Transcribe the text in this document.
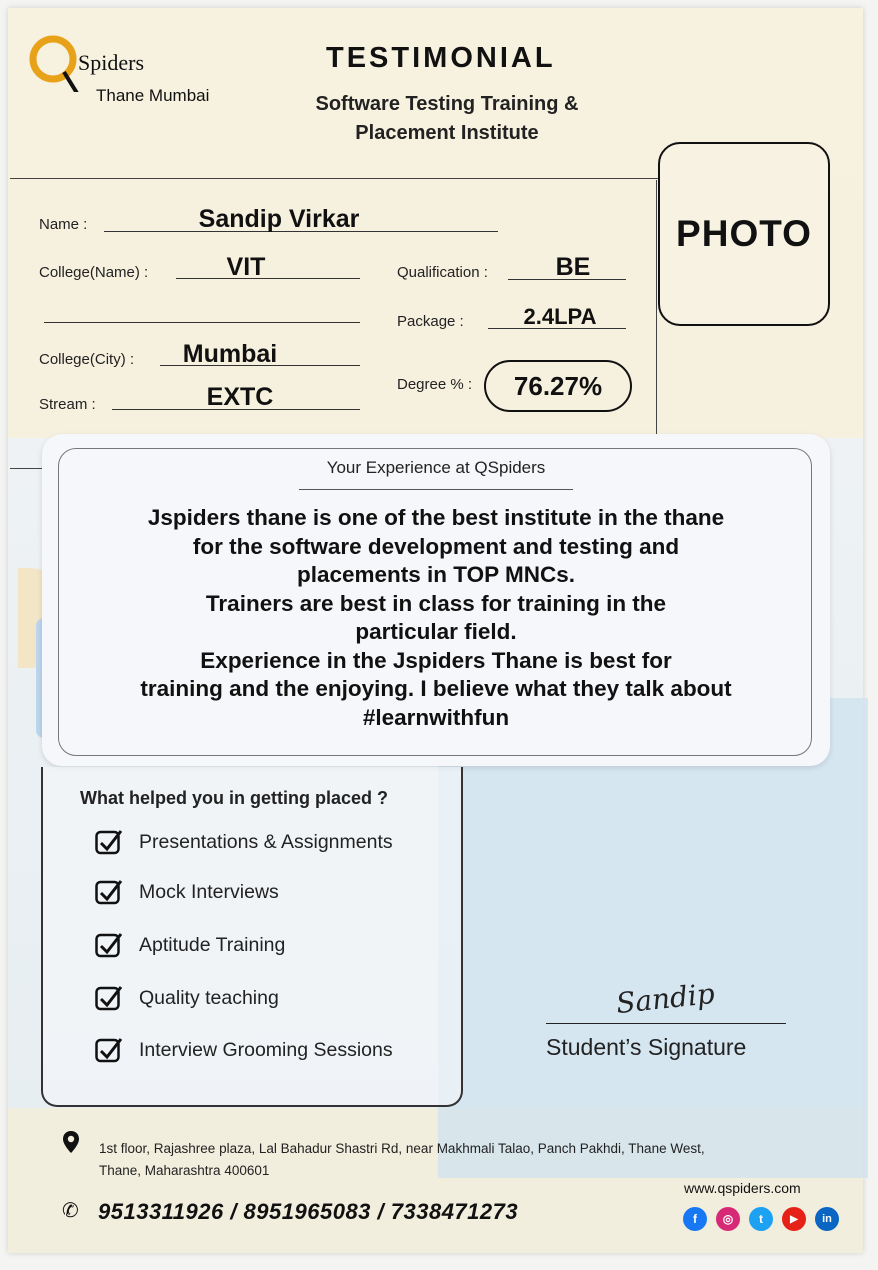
Spiders
Thane Mumbai
TESTIMONIAL
Software Testing Training &
Placement Institute
PHOTO
Name :	Sandip Virkar
College(Name) :	VIT	Qualification :	BE
Package :	2.4LPA
College(City) :	Mumbai
Degree % :	76.27%
Stream :	EXTC
Your Experience at QSpiders
Jspiders thane is one of the best institute in the thane
for the software development and testing and
placements in TOP MNCs.
Trainers are best in class for training in the
particular field.
Experience in the Jspiders Thane is best for
training and the enjoying. I believe what they talk about
#learnwithfun
What helped you in getting placed ?
Presentations & Assignments
Mock Interviews
Aptitude Training
Quality teaching
Interview Grooming Sessions
Sandip
Student’s Signature
1st floor, Rajashree plaza, Lal Bahadur Shastri Rd, near Makhmali Talao, Panch Pakhdi, Thane West,
Thane, Maharashtra 400601
✆ 9513311926 / 8951965083 / 7338471273
www.qspiders.com
f	◎	t	▶	in
